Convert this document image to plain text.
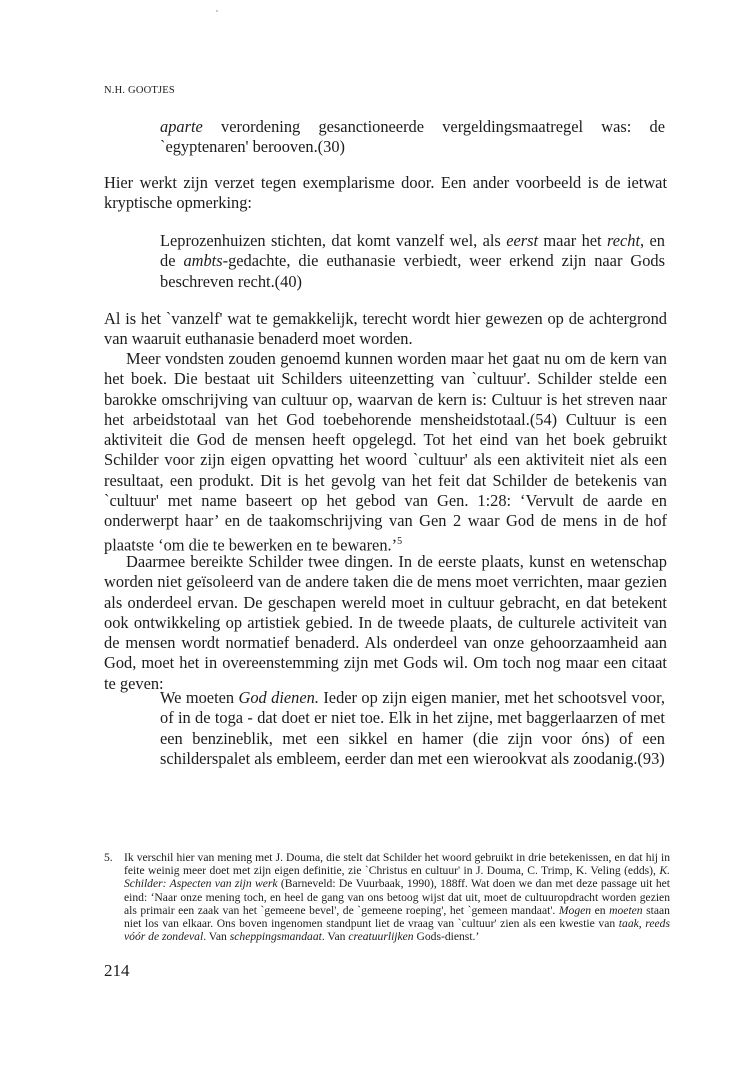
N.H. GOOTJES

aparte verordening gesanctioneerde vergeldingsmaatregel was: de `egyptenaren' berooven.(30)

Hier werkt zijn verzet tegen exemplarisme door. Een ander voorbeeld is de ietwat kryptische opmerking:

Leprozenhuizen stichten, dat komt vanzelf wel, als eerst maar het recht, en de ambts-gedachte, die euthanasie verbiedt, weer erkend zijn naar Gods beschreven recht.(40)

Al is het `vanzelf' wat te gemakkelijk, terecht wordt hier gewezen op de achtergrond van waaruit euthanasie benaderd moet worden.

Meer vondsten zouden genoemd kunnen worden maar het gaat nu om de kern van het boek. Die bestaat uit Schilders uiteenzetting van `cultuur'. Schilder stelde een barokke omschrijving van cultuur op, waarvan de kern is: Cultuur is het streven naar het arbeidstotaal van het God toebehorende mensheidstotaal.(54) Cultuur is een aktiviteit die God de mensen heeft opgelegd. Tot het eind van het boek gebruikt Schilder voor zijn eigen opvatting het woord `cultuur' als een aktiviteit niet als een resultaat, een produkt. Dit is het gevolg van het feit dat Schilder de betekenis van `cultuur' met name baseert op het gebod van Gen. 1:28: ‘Vervult de aarde en onderwerpt haar’ en de taakomschrijving van Gen 2 waar God de mens in de hof plaatste ‘om die te bewerken en te bewaren.’$^5$

Daarmee bereikte Schilder twee dingen. In de eerste plaats, kunst en wetenschap worden niet geïsoleerd van de andere taken die de mens moet verrichten, maar gezien als onderdeel ervan. De geschapen wereld moet in cultuur gebracht, en dat betekent ook ontwikkeling op artistiek gebied. In de tweede plaats, de culturele activiteit van de mensen wordt normatief benaderd. Als onderdeel van onze gehoorzaamheid aan God, moet het in overeenstemming zijn met Gods wil. Om toch nog maar een citaat te geven:

We moeten God dienen. Ieder op zijn eigen manier, met het schootsvel voor, of in de toga - dat doet er niet toe. Elk in het zijne, met baggerlaarzen of met een benzineblik, met een sikkel en hamer (die zijn voor óns) of een schilderspalet als embleem, eerder dan met een wierookvat als zoodanig.(93)

5. Ik verschil hier van mening met J. Douma, die stelt dat Schilder het woord gebruikt in drie betekenissen, en dat hij in feite weinig meer doet met zijn eigen definitie, zie `Christus en cultuur' in J. Douma, C. Trimp, K. Veling (edds), K. Schilder: Aspecten van zijn werk (Barneveld: De Vuurbaak, 1990), 188ff. Wat doen we dan met deze passage uit het eind: ‘Naar onze mening toch, en heel de gang van ons betoog wijst dat uit, moet de cultuuropdracht worden gezien als primair een zaak van het `gemeene bevel', de `gemeene roeping', het `gemeen mandaat'. Mogen en moeten staan niet los van elkaar. Ons boven ingenomen standpunt liet de vraag van `cultuur' zien als een kwestie van taak, reeds vóór de zondeval. Van scheppingsmandaat. Van creatuurlijken Gods-dienst.’

214
